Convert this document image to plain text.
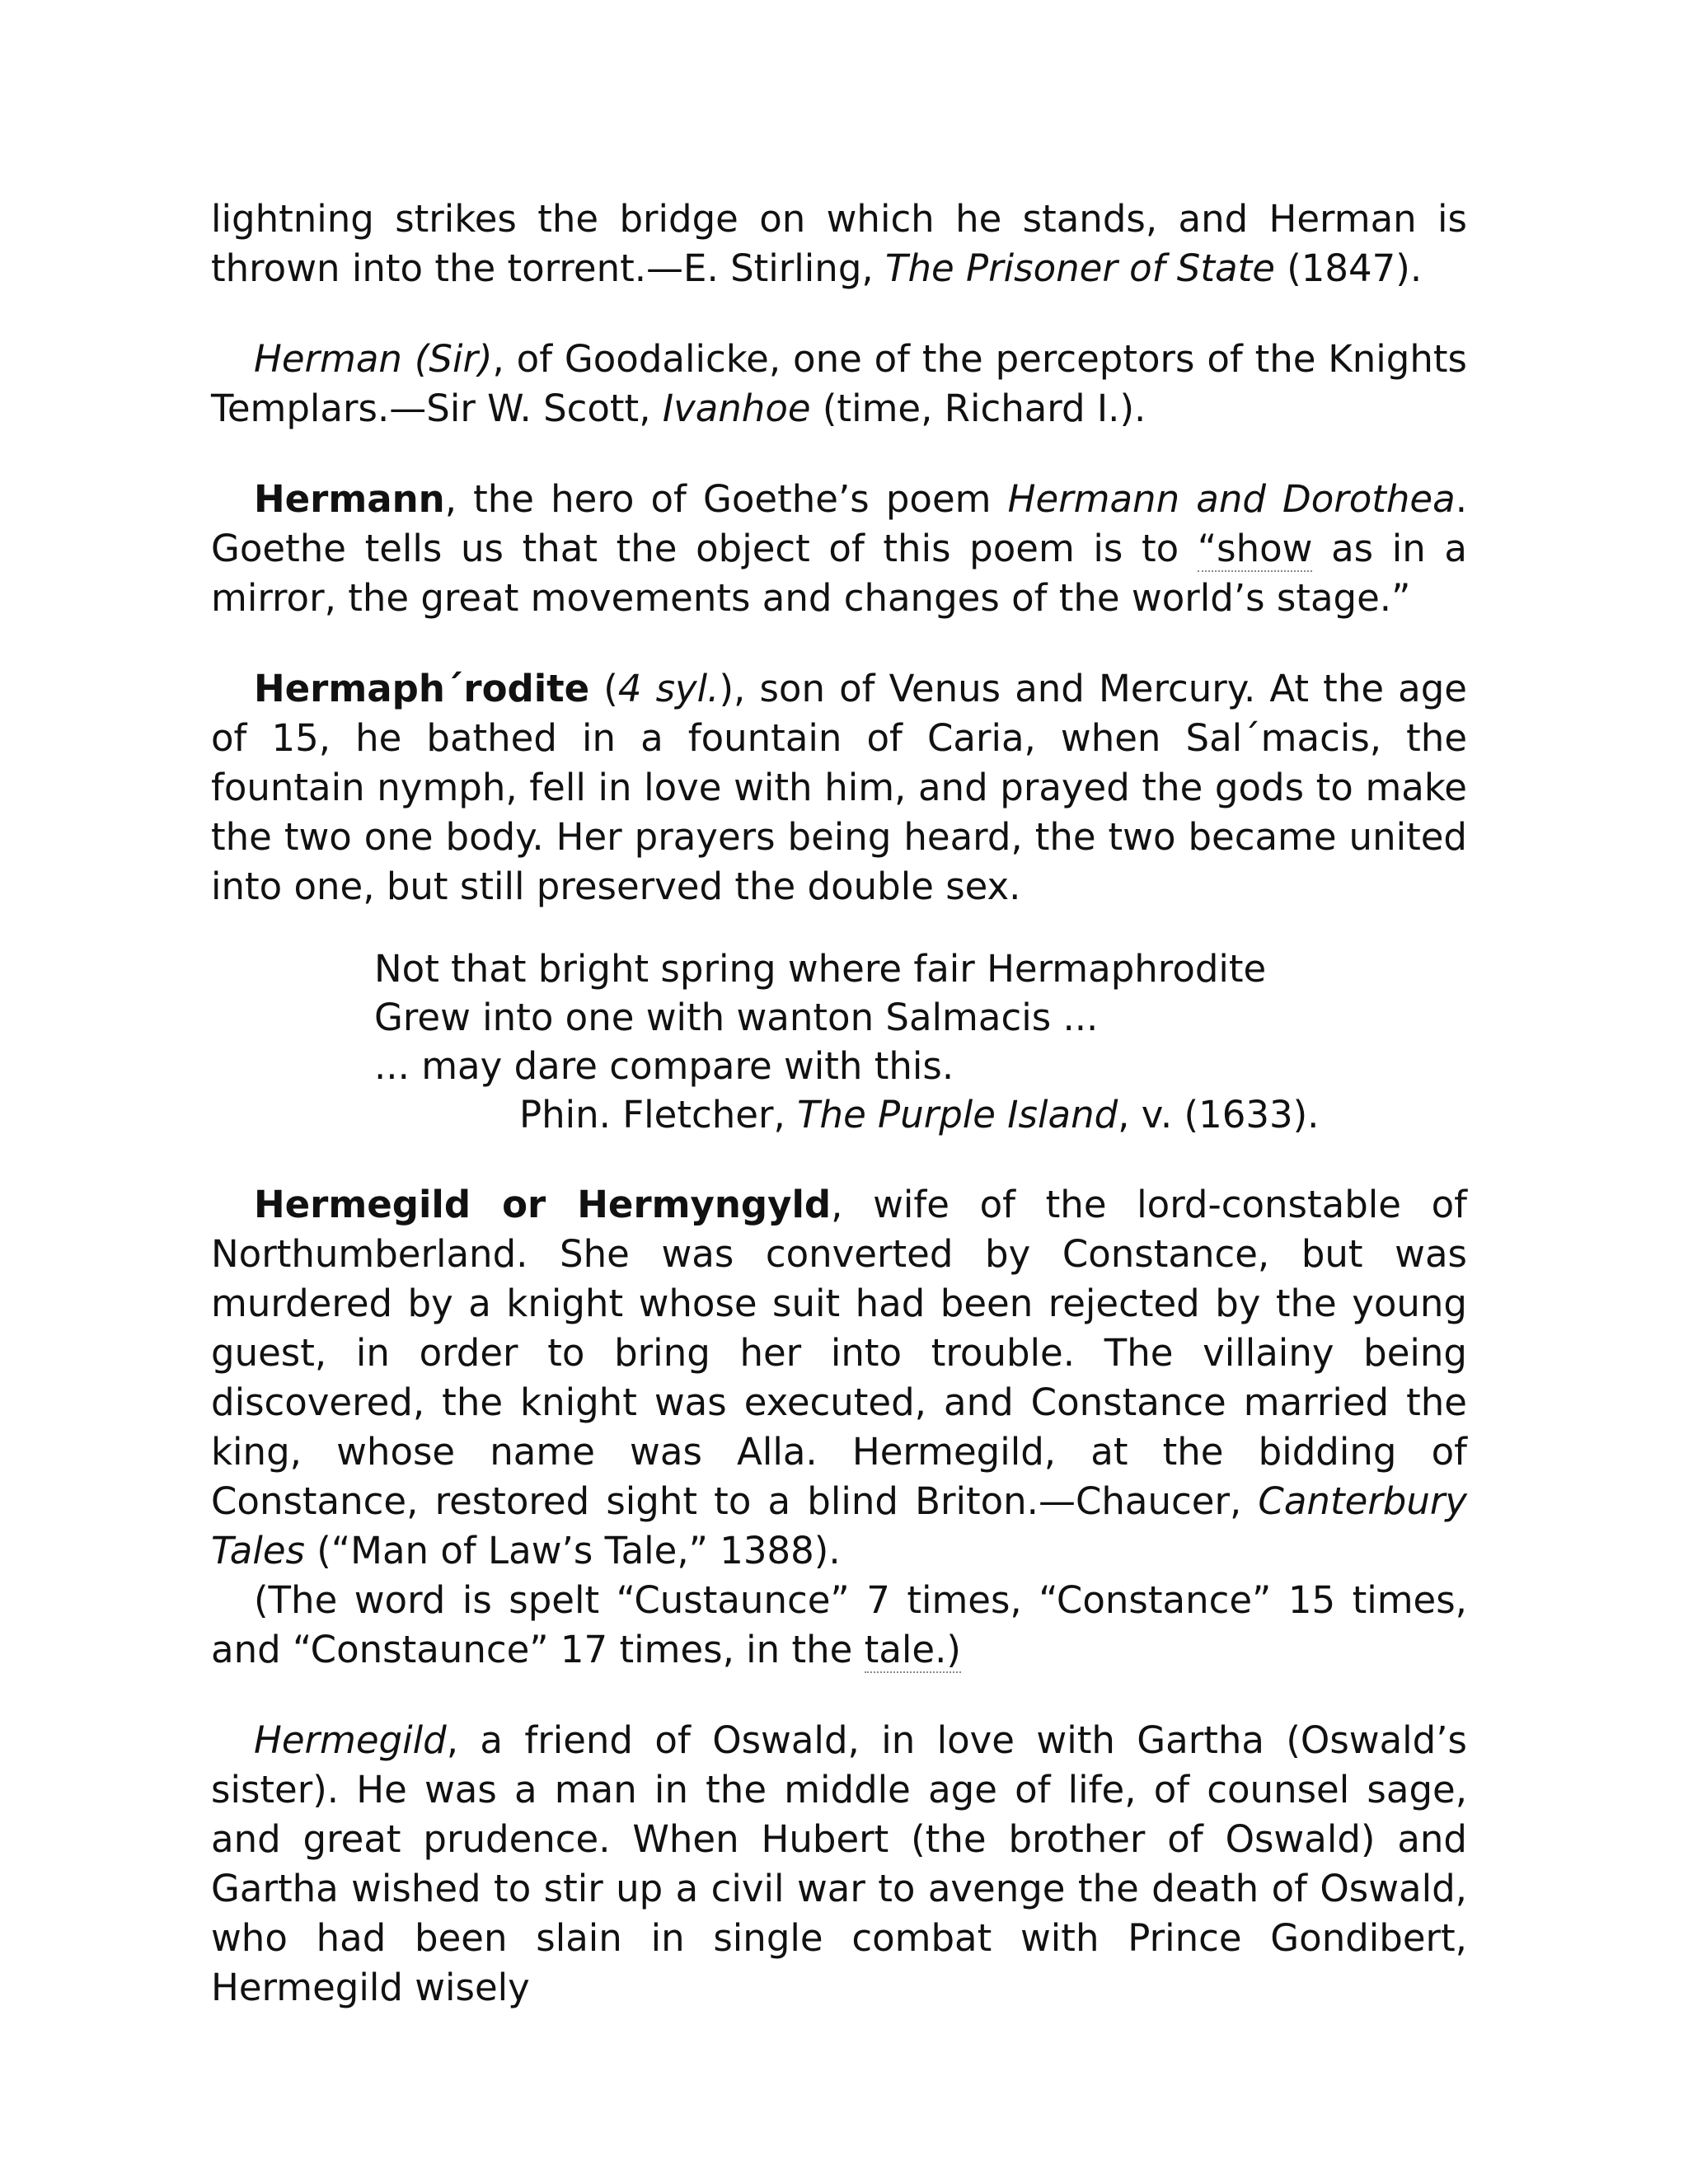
lightning strikes the bridge on which he stands, and Herman is thrown into the torrent.—E. Stirling, The Prisoner of State (1847).

Herman (Sir), of Goodalicke, one of the perceptors of the Knights Templars.—Sir W. Scott, Ivanhoe (time, Richard I.).

Hermann, the hero of Goethe’s poem Hermann and Dorothea. Goethe tells us that the object of this poem is to “show as in a mirror, the great movements and changes of the world’s stage.”

Hermaph´rodite (4 syl.), son of Venus and Mercury. At the age of 15, he bathed in a fountain of Caria, when Sal´macis, the fountain nymph, fell in love with him, and prayed the gods to make the two one body. Her prayers being heard, the two became united into one, but still preserved the double sex.

Not that bright spring where fair Hermaphrodite
Grew into one with wanton Salmacis ...
... may dare compare with this.
Phin. Fletcher, The Purple Island, v. (1633).

Hermegild or Hermyngyld, wife of the lord-constable of Northumberland. She was converted by Constance, but was murdered by a knight whose suit had been rejected by the young guest, in order to bring her into trouble. The villainy being discovered, the knight was executed, and Constance married the king, whose name was Alla. Hermegild, at the bidding of Constance, restored sight to a blind Briton.—Chaucer, Canterbury Tales (“Man of Law’s Tale,” 1388).

(The word is spelt “Custaunce” 7 times, “Constance” 15 times, and “Constaunce” 17 times, in the tale.)

Hermegild, a friend of Oswald, in love with Gartha (Oswald’s sister). He was a man in the middle age of life, of counsel sage, and great prudence. When Hubert (the brother of Oswald) and Gartha wished to stir up a civil war to avenge the death of Oswald, who had been slain in single combat with Prince Gondibert, Hermegild wisely
